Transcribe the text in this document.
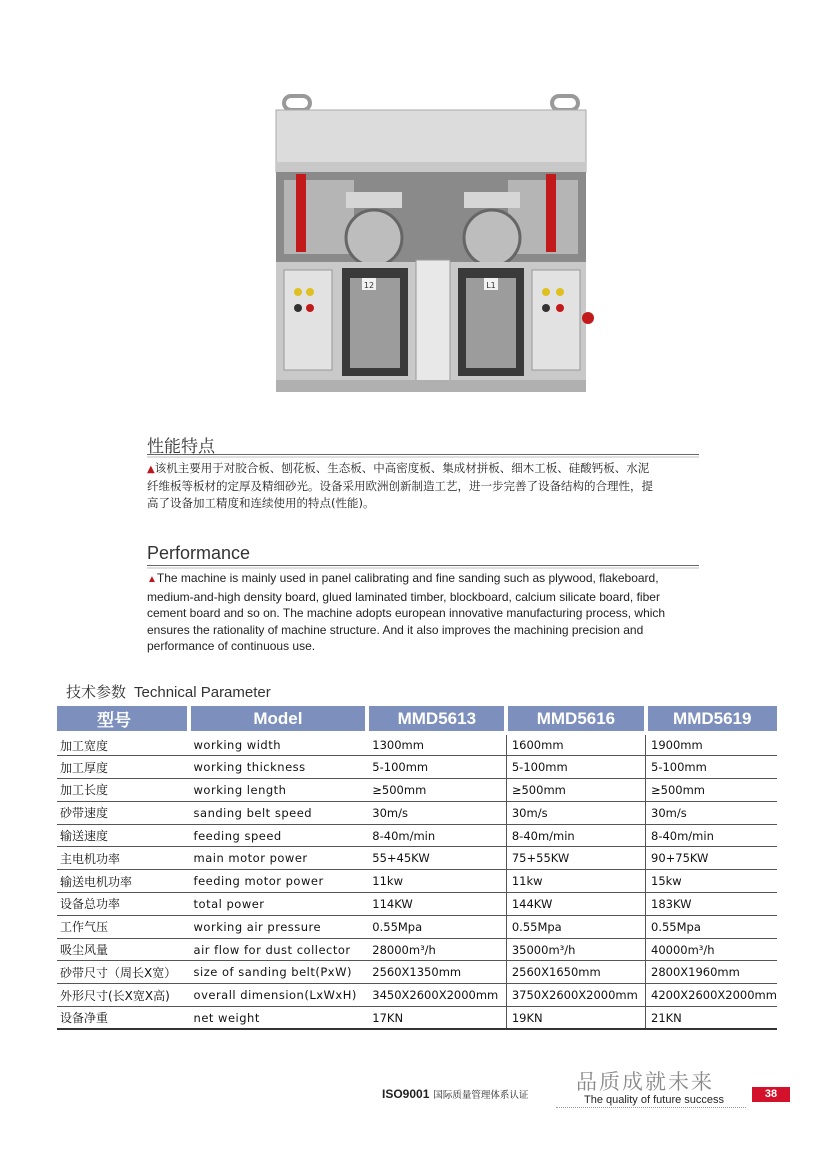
12	L1
性能特点
▲该机主要用于对胶合板、刨花板、生态板、中高密度板、集成材拼板、细木工板、硅酸钙板、水泥
纤维板等板材的定厚及精细砂光。设备采用欧洲创新制造工艺，进一步完善了设备结构的合理性，提
高了设备加工精度和连续使用的特点(性能)。
Performance
▲The machine is mainly used in panel calibrating and fine sanding such as plywood, flakeboard,
medium-and-high density board, glued laminated timber, blockboard, calcium silicate board, fiber
cement board and so on. The machine adopts european innovative manufacturing process, which
ensures the rationality of machine structure. And it also improves the machining precision and
performance of continuous use.
技术参数 Technical Parameter
型号	Model	MMD5613	MMD5616	MMD5619
加工宽度	working width	1300mm	1600mm	1900mm
加工厚度	working thickness	5-100mm	5-100mm	5-100mm
加工长度	working length	≥500mm	≥500mm	≥500mm
砂带速度	sanding belt speed	30m/s	30m/s	30m/s
输送速度	feeding speed	8-40m/min	8-40m/min	8-40m/min
主电机功率	main motor power	55+45KW	75+55KW	90+75KW
输送电机功率	feeding motor power	11kw	11kw	15kw
设备总功率	total power	114KW	144KW	183KW
工作气压	working air pressure	0.55Mpa	0.55Mpa	0.55Mpa
吸尘风量	air flow for dust collector	28000m³/h	35000m³/h	40000m³/h
砂带尺寸（周长X宽）	size of sanding belt(PxW)	2560X1350mm	2560X1650mm	2800X1960mm
外形尺寸(长X宽X高)	overall dimension(LxWxH)	3450X2600X2000mm	3750X2600X2000mm	4200X2600X2000mm
设备净重	net weight	17KN	19KN	21KN
ISO9001 国际质量管理体系认证
品质成就未来
The quality of future success	38
